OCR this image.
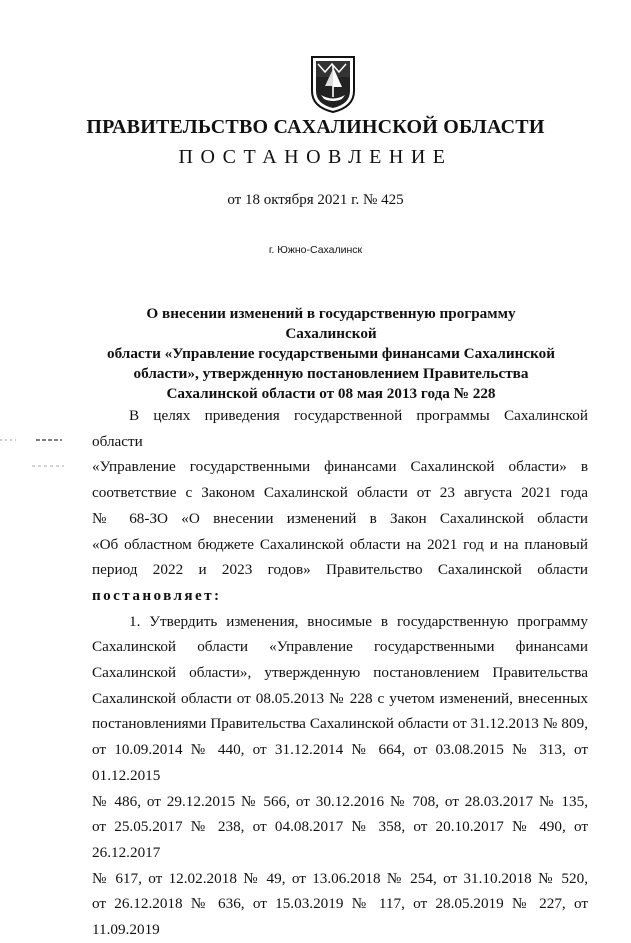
ПРАВИТЕЛЬСТВО САХАЛИНСКОЙ ОБЛАСТИ
ПОСТАНОВЛЕНИЕ
от 18 октября 2021 г. № 425
г. Южно-Сахалинск
О внесении изменений в государственную программу Сахалинской
области «Управление государствеными финансами Сахалинской
области», утвержденную постановлением Правительства
Сахалинской области от 08 мая 2013 года № 228

В целях приведения государственной программы Сахалинской области

«Управление государственными финансами Сахалинской области» в

соответствие с Законом Сахалинской области от 23 августа 2021 года

№ 68-ЗО «О внесении изменений в Закон Сахалинской области

«Об областном бюджете Сахалинской области на 2021 год и на плановый

период 2022 и 2023 годов» Правительство Сахалинской области

постановляет:

1. Утвердить изменения, вносимые в государственную программу

Сахалинской области «Управление государственными финансами

Сахалинской области», утвержденную постановлением Правительства

Сахалинской области от 08.05.2013 № 228 с учетом изменений, внесенных

постановлениями Правительства Сахалинской области от 31.12.2013 № 809,

от 10.09.2014 № 440, от 31.12.2014 № 664, от 03.08.2015 № 313, от 01.12.2015

№ 486, от 29.12.2015 № 566, от 30.12.2016 № 708, от 28.03.2017 № 135,

от 25.05.2017 № 238, от 04.08.2017 № 358, от 20.10.2017 № 490, от 26.12.2017

№ 617, от 12.02.2018 № 49, от 13.06.2018 № 254, от 31.10.2018 № 520,

от 26.12.2018 № 636, от 15.03.2019 № 117, от 28.05.2019 № 227, от 11.09.2019
